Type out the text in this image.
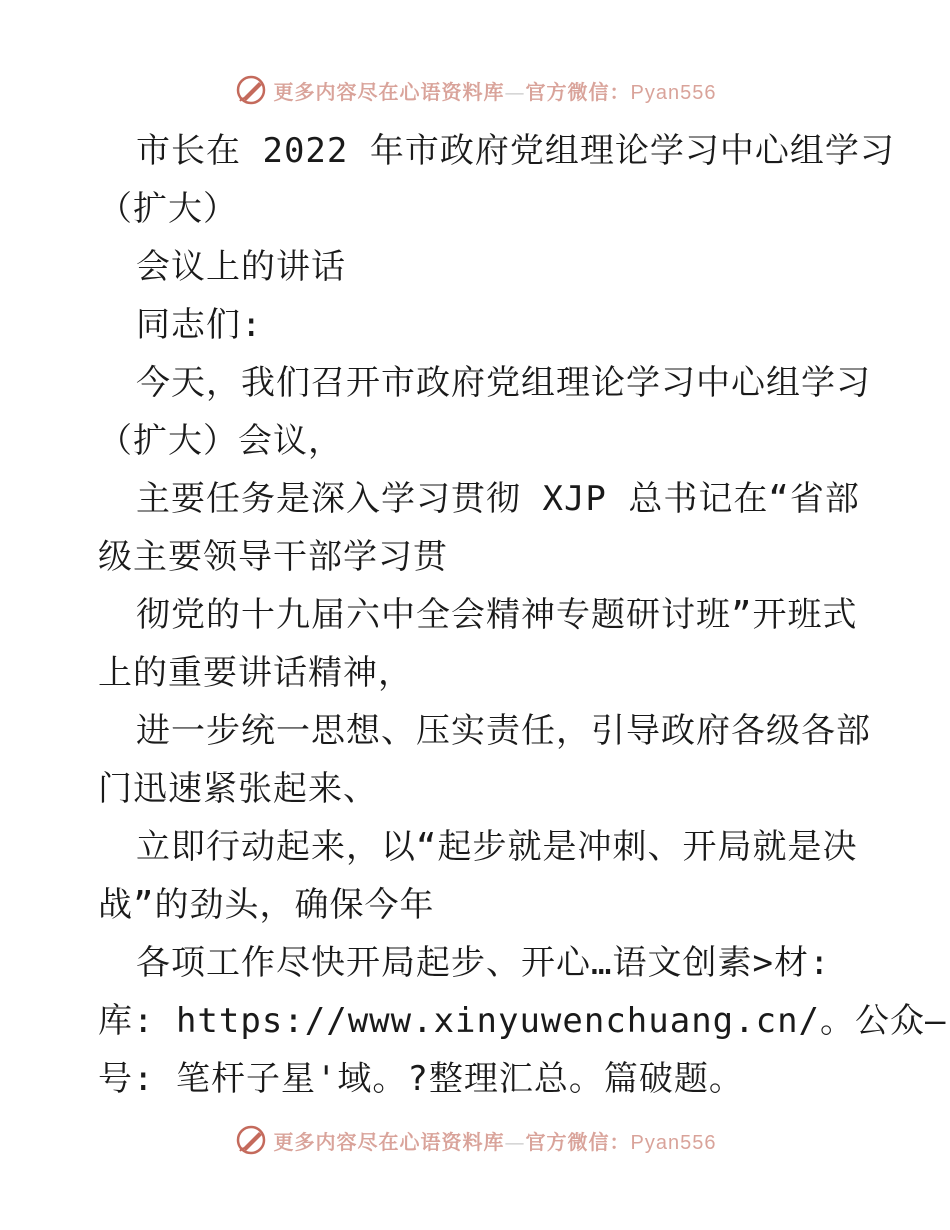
更多内容尽在心语资料库—官方微信：Pyan556
市长在 2022 年市政府党组理论学习中心组学习
（扩大）
会议上的讲话
同志们:
今天，我们召开市政府党组理论学习中心组学习
（扩大）会议，
主要任务是深入学习贯彻 XJP 总书记在“省部
级主要领导干部学习贯
彻党的十九届六中全会精神专题研讨班”开班式
上的重要讲话精神，
进一步统一思想、压实责任，引导政府各级各部
门迅速紧张起来、
立即行动起来，以“起步就是冲刺、开局就是决
战”的劲头，确保今年
各项工作尽快开局起步、开心…语文创素>材:
库: https://www.xinyuwenchuang.cn/。公众—
号: 笔杆子星'域。?整理汇总。篇破题。
更多内容尽在心语资料库—官方微信：Pyan556
